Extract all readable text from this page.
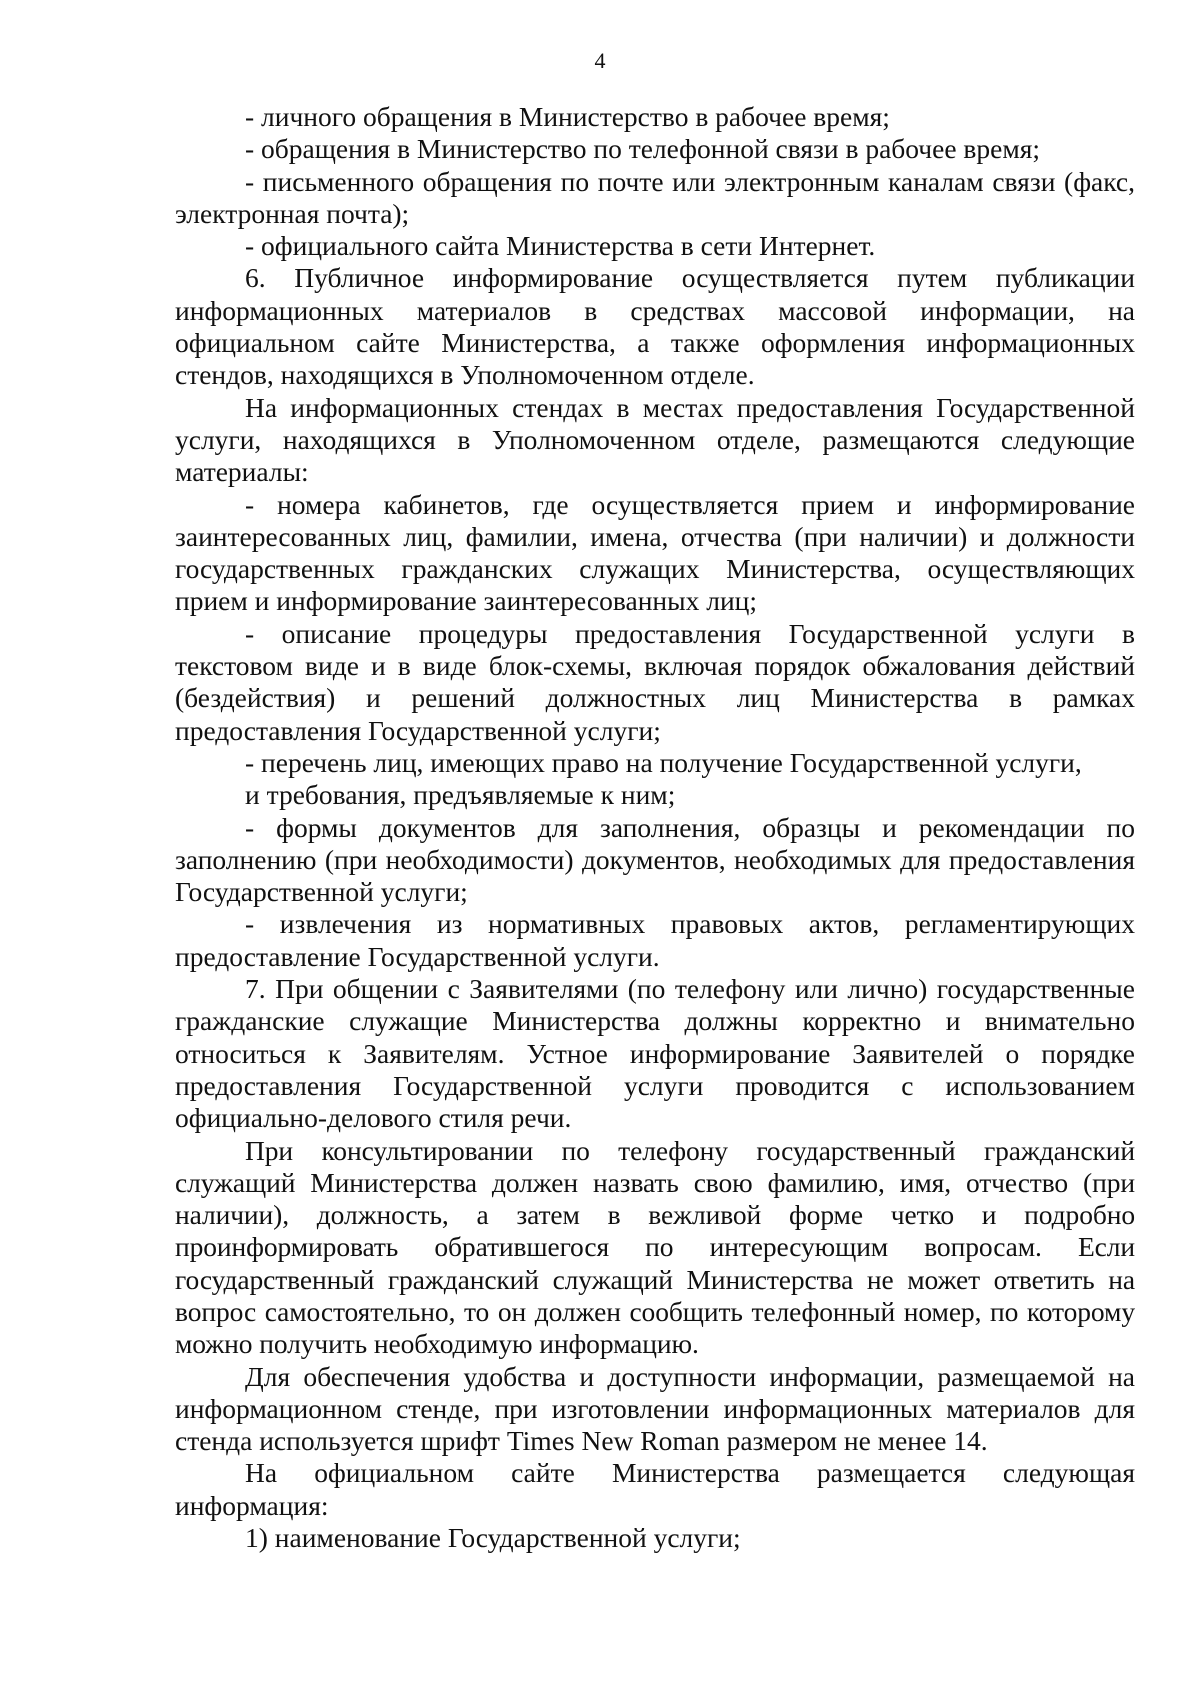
4

- личного обращения в Министерство в рабочее время;

- обращения в Министерство по телефонной связи в рабочее время;

- письменного обращения по почте или электронным каналам связи (факс, электронная почта);

- официального сайта Министерства в сети Интернет.

6. Публичное информирование осуществляется путем публикации информационных материалов в средствах массовой информации, на официальном сайте Министерства, а также оформления информационных стендов, находящихся в Уполномоченном отделе.

На информационных стендах в местах предоставления Государственной услуги, находящихся в Уполномоченном отделе, размещаются следующие материалы:

- номера кабинетов, где осуществляется прием и информирование заинтересованных лиц, фамилии, имена, отчества (при наличии) и должности государственных гражданских служащих Министерства, осуществляющих прием и информирование заинтересованных лиц;

- описание процедуры предоставления Государственной услуги в текстовом виде и в виде блок-схемы, включая порядок обжалования действий (бездействия) и решений должностных лиц Министерства в рамках предоставления Государственной услуги;

- перечень лиц, имеющих право на получение Государственной услуги,

и требования, предъявляемые к ним;

- формы документов для заполнения, образцы и рекомендации по заполнению (при необходимости) документов, необходимых для предоставления Государственной услуги;

- извлечения из нормативных правовых актов, регламентирующих предоставление Государственной услуги.

7. При общении с Заявителями (по телефону или лично) государственные гражданские служащие Министерства должны корректно и внимательно относиться к Заявителям. Устное информирование Заявителей о порядке предоставления Государственной услуги проводится с использованием официально-делового стиля речи.

При консультировании по телефону государственный гражданский служащий Министерства должен назвать свою фамилию, имя, отчество (при наличии), должность, а затем в вежливой форме четко и подробно проинформировать обратившегося по интересующим вопросам. Если государственный гражданский служащий Министерства не может ответить на вопрос самостоятельно, то он должен сообщить телефонный номер, по которому можно получить необходимую информацию.

Для обеспечения удобства и доступности информации, размещаемой на информационном стенде, при изготовлении информационных материалов для стенда используется шрифт Times New Roman размером не менее 14.

На официальном сайте Министерства размещается следующая информация:

1) наименование Государственной услуги;
